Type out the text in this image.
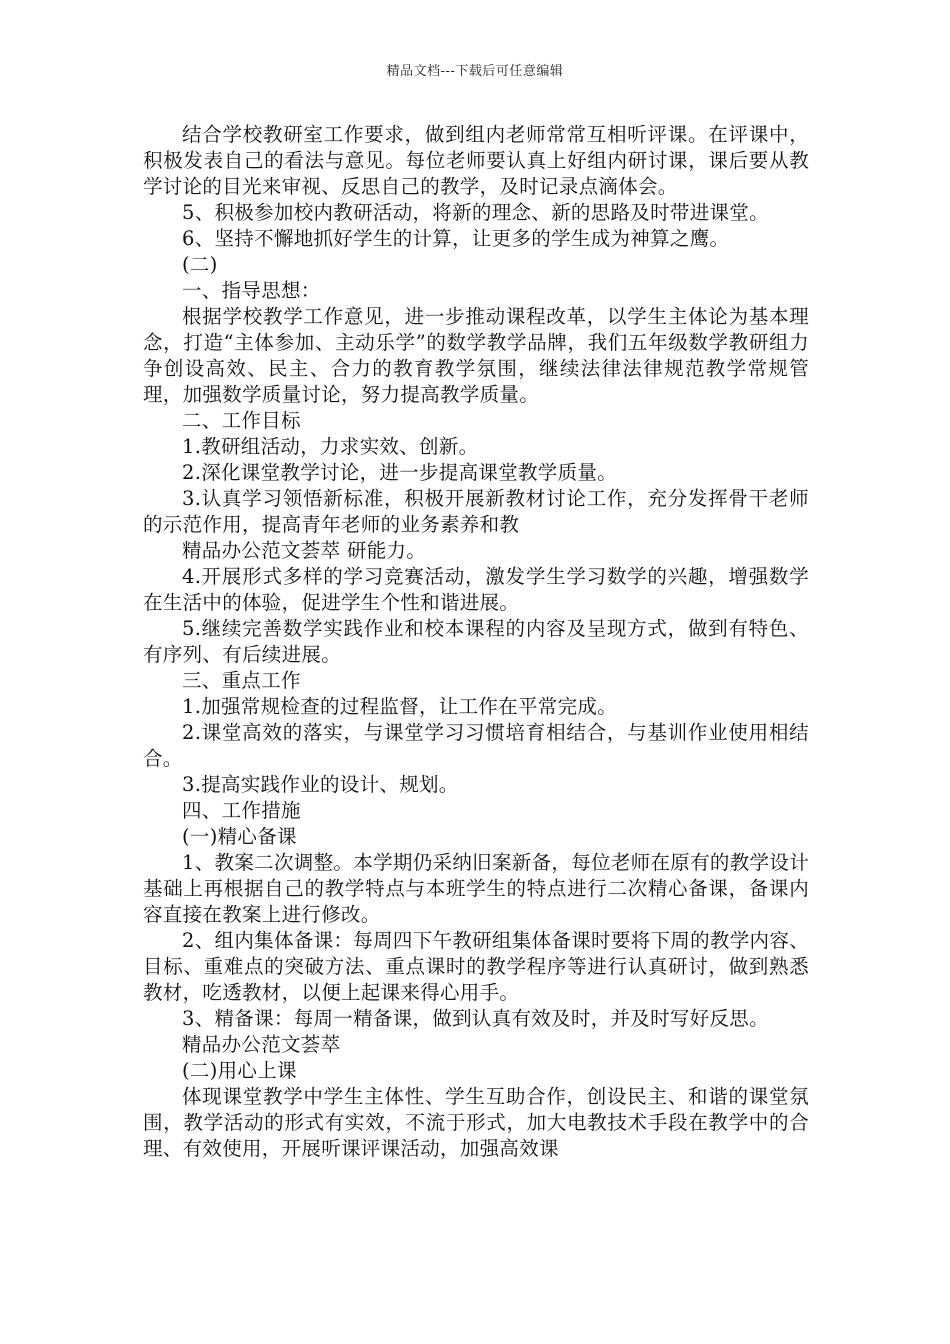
精品文档---下载后可任意编辑

结合学校教研室工作要求，做到组内老师常常互相听评课。在评课中，积极发表自己的看法与意见。每位老师要认真上好组内研讨课，课后要从教学讨论的目光来审视、反思自己的教学，及时记录点滴体会。

5、积极参加校内教研活动，将新的理念、新的思路及时带进课堂。

6、坚持不懈地抓好学生的计算，让更多的学生成为神算之鹰。

(二)

一、指导思想：

根据学校教学工作意见，进一步推动课程改革，以学生主体论为基本理念，打造“主体参加、主动乐学”的数学教学品牌，我们五年级数学教研组力争创设高效、民主、合力的教育教学氛围，继续法律法律规范教学常规管理，加强数学质量讨论，努力提高教学质量。

二、工作目标

1.教研组活动，力求实效、创新。

2.深化课堂教学讨论，进一步提高课堂教学质量。

3.认真学习领悟新标准，积极开展新教材讨论工作，充分发挥骨干老师的示范作用，提高青年老师的业务素养和教

精品办公范文荟萃 研能力。

4.开展形式多样的学习竞赛活动，激发学生学习数学的兴趣，增强数学在生活中的体验，促进学生个性和谐进展。

5.继续完善数学实践作业和校本课程的内容及呈现方式，做到有特色、有序列、有后续进展。

三、重点工作

1.加强常规检查的过程监督，让工作在平常完成。

2.课堂高效的落实，与课堂学习习惯培育相结合，与基训作业使用相结合。

3.提高实践作业的设计、规划。

四、工作措施

(一)精心备课

1、教案二次调整。本学期仍采纳旧案新备，每位老师在原有的教学设计基础上再根据自己的教学特点与本班学生的特点进行二次精心备课，备课内容直接在教案上进行修改。

2、组内集体备课：每周四下午教研组集体备课时要将下周的教学内容、目标、重难点的突破方法、重点课时的教学程序等进行认真研讨，做到熟悉教材，吃透教材，以便上起课来得心用手。

3、精备课：每周一精备课，做到认真有效及时，并及时写好反思。

精品办公范文荟萃

(二)用心上课

体现课堂教学中学生主体性、学生互助合作，创设民主、和谐的课堂氛围，教学活动的形式有实效，不流于形式，加大电教技术手段在教学中的合理、有效使用，开展听课评课活动，加强高效课
